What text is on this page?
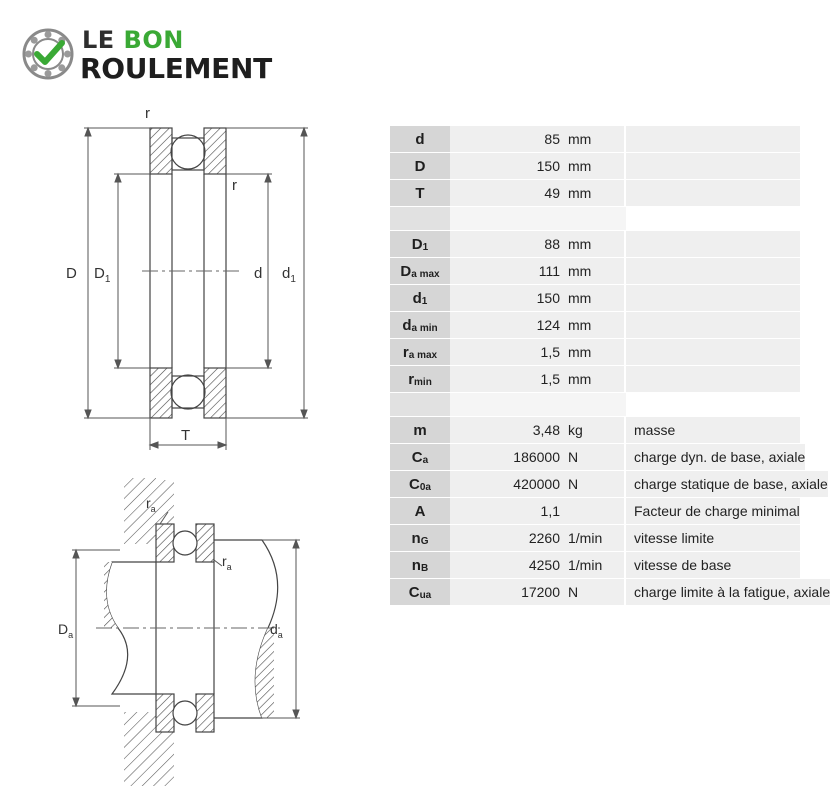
LE BON
ROULEMENT
r
r
D $D_1$	d $d_1$
T
$r_a$
$r_a$
$D_a$	$d_a$
d	85 mm
D	150 mm
T	49 mm
$D_1$	88 mm
$D_{a max}$	111 mm
$d_1$	150 mm
$d_{a min}$	124 mm
$r_{a max}$	1,5 mm
$r_{min}$	1,5 mm
m	3,48 kg	masse
$C_a$	186000 N	charge dyn. de base, axiale
$C_{0a}$	420000 N	charge statique de base, axiale
A	1,1	Facteur de charge minimal
$n_G$	2260 1/min	vitesse limite
$n_B$	4250 1/min	vitesse de base
$C_{ua}$	17200 N	charge limite à la fatigue, axiale
